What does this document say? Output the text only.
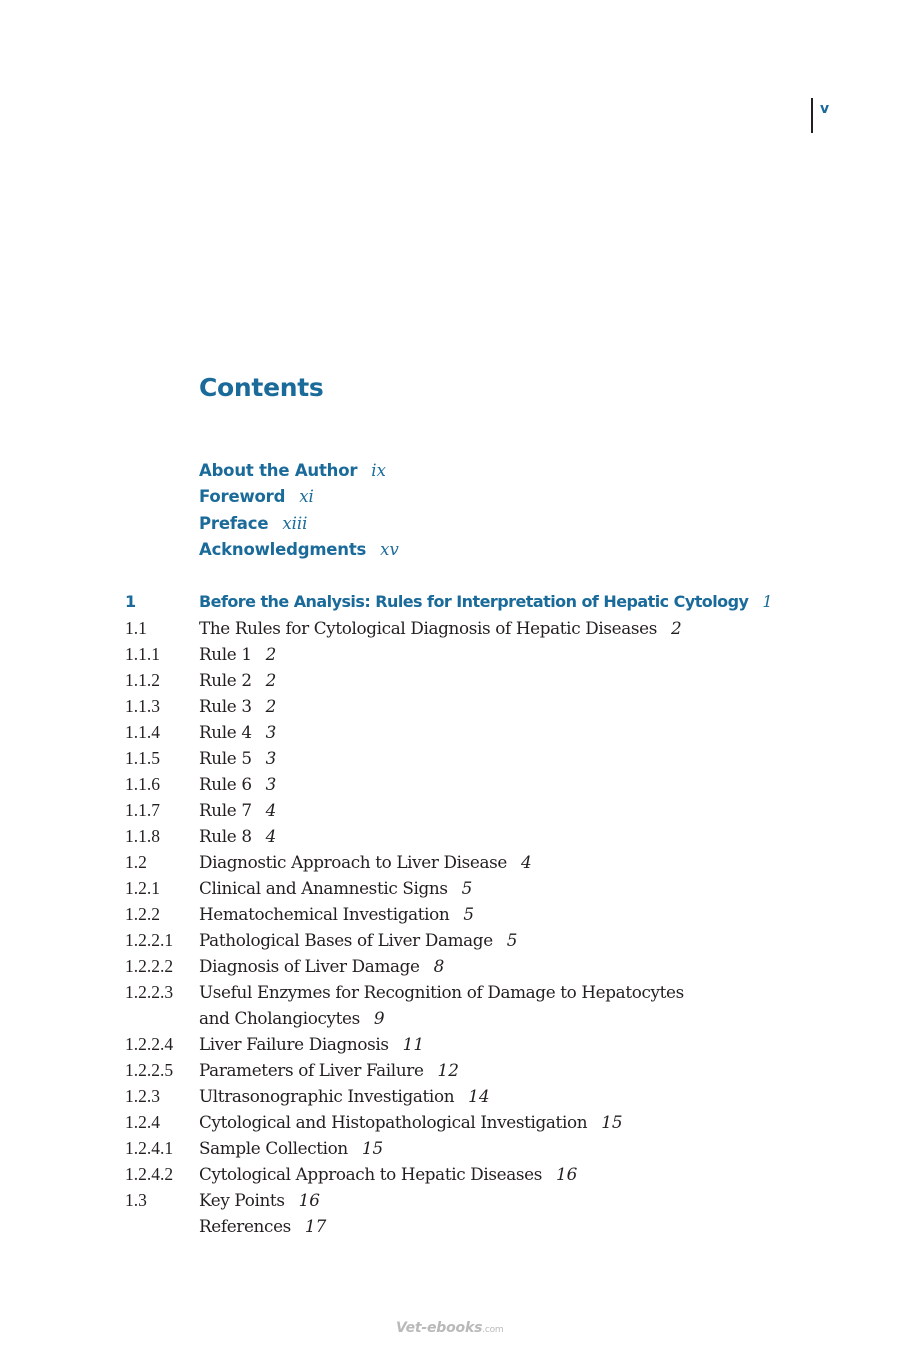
v
Contents
About the Author ix
Foreword xi
Preface xiii
Acknowledgments xv
1	Before the Analysis: Rules for Interpretation of Hepatic Cytology 1
1.1	The Rules for Cytological Diagnosis of Hepatic Diseases 2
1.1.1 Rule 1 2
1.1.2 Rule 2 2
1.1.3 Rule 3 2
1.1.4 Rule 4 3
1.1.5 Rule 5 3
1.1.6 Rule 6 3
1.1.7 Rule 7 4
1.1.8 Rule 8 4
1.2	Diagnostic Approach to Liver Disease 4
1.2.1 Clinical and Anamnestic Signs 5
1.2.2 Hematochemical Investigation 5
1.2.2.1 Pathological Bases of Liver Damage 5
1.2.2.2 Diagnosis of Liver Damage 8
1.2.2.3 Useful Enzymes for Recognition of Damage to Hepatocytes
and Cholangiocytes 9
1.2.2.4 Liver Failure Diagnosis 11
1.2.2.5 Parameters of Liver Failure 12
1.2.3 Ultrasonographic Investigation 14
1.2.4 Cytological and Histopathological Investigation 15
1.2.4.1 Sample Collection 15
1.2.4.2 Cytological Approach to Hepatic Diseases 16
1.3	Key Points 16
References 17
Vet-ebooks.com
